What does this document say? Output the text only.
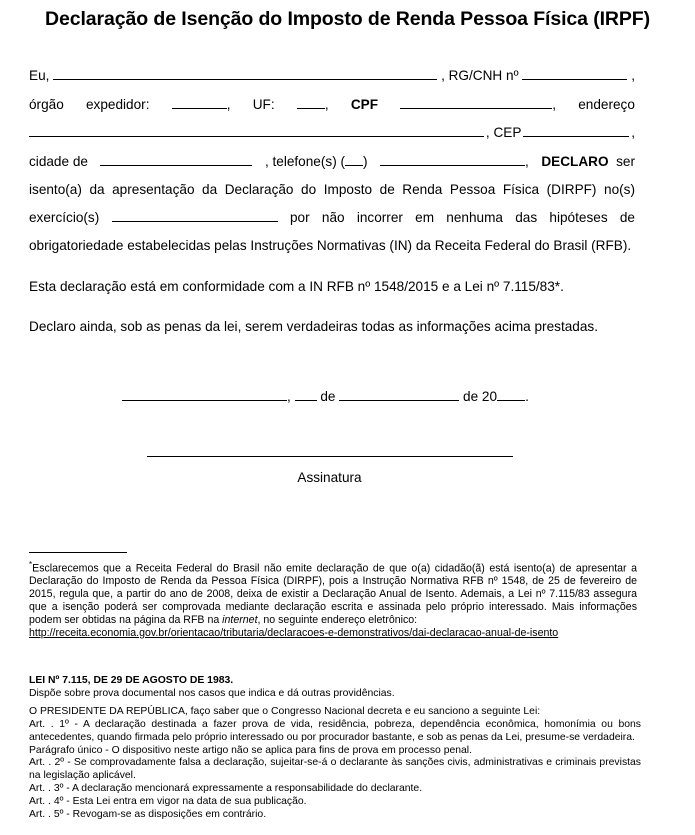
Declaração de Isenção do Imposto de Renda Pessoa Física (IRPF)
Eu,	, RG/CNH nº	,
órgão expedidor:	, UF:	, CPF	, endereço
, CEP	,
cidade de	, telefone(s) ( )	, DECLARO ser
isento(a) da apresentação da Declaração do Imposto de Renda Pessoa Física (DIRPF) no(s)
exercício(s)	por não incorrer em nenhuma das hipóteses de
obrigatoriedade estabelecidas pelas Instruções Normativas (IN) da Receita Federal do Brasil (RFB).
Esta declaração está em conformidade com a IN RFB nº 1548/2015 e a Lei nº 7.115/83*.
Declaro ainda, sob as penas da lei, serem verdadeiras todas as informações acima prestadas.
, de	de 20 .
Assinatura
*Esclarecemos que a Receita Federal do Brasil não emite declaração de que o(a) cidadão(ã) está isento(a) de apresentar a Declaração do Imposto de Renda da Pessoa Física (DIRPF), pois a Instrução Normativa RFB nº 1548, de 25 de fevereiro de 2015, regula que, a partir do ano de 2008, deixa de existir a Declaração Anual de Isento. Ademais, a Lei nº 7.115/83 assegura que a isenção poderá ser comprovada mediante declaração escrita e assinada pelo próprio interessado. Mais informações podem ser obtidas na página da RFB na internet, no seguinte endereço eletrônico:
http://receita.economia.gov.br/orientacao/tributaria/declaracoes-e-demonstrativos/dai-declaracao-anual-de-isento

LEI Nº 7.115, DE 29 DE AGOSTO DE 1983.

Dispõe sobre prova documental nos casos que indica e dá outras providências.

O PRESIDENTE DA REPÚBLICA, faço saber que o Congresso Nacional decreta e eu sanciono a seguinte Lei:

Art. . 1º - A declaração destinada a fazer prova de vida, residência, pobreza, dependência econômica, homonímia ou bons antecedentes, quando firmada pelo próprio interessado ou por procurador bastante, e sob as penas da Lei, presume-se verdadeira.

Parágrafo único - O dispositivo neste artigo não se aplica para fins de prova em processo penal.

Art. . 2º - Se comprovadamente falsa a declaração, sujeitar-se-á o declarante às sanções civis, administrativas e criminais previstas na legislação aplicável.

Art. . 3º - A declaração mencionará expressamente a responsabilidade do declarante.

Art. . 4º - Esta Lei entra em vigor na data de sua publicação.

Art. . 5º - Revogam-se as disposições em contrário.
